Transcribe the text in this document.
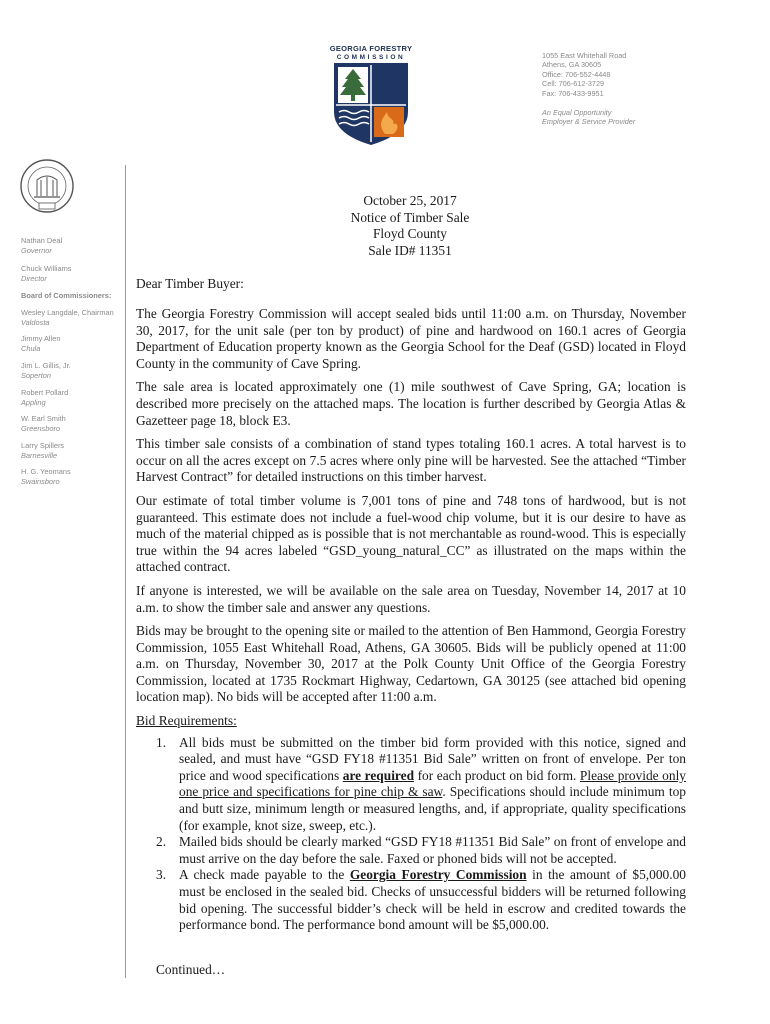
GEORGIA FORESTRY
COMMISSION	1055 East Whitehall Road
Athens, GA 30605
Office: 706-552-4448
Cell: 706-612-3729
Fax: 706-433-9951
An Equal Opportunity
Employer & Service Provider
Nathan Deal
Governor
Chuck Williams
Director
Board of Commissioners:
Wesley Langdale, Chairman
Valdosta
Jimmy Allen
Chula
Jim L. Gillis, Jr.
Soperton
Robert Pollard
Appling
W. Earl Smith
Greensboro
Larry Spillers
Barnesville
H. G. Yeomans
Swainsboro
October 25, 2017
Notice of Timber Sale
Floyd County
Sale ID# 11351
Dear Timber Buyer:

The Georgia Forestry Commission will accept sealed bids until 11:00 a.m. on Thursday, November 30, 2017, for the unit sale (per ton by product) of pine and hardwood on 160.1 acres of Georgia Department of Education property known as the Georgia School for the Deaf (GSD) located in Floyd County in the community of Cave Spring.

The sale area is located approximately one (1) mile southwest of Cave Spring, GA; location is described more precisely on the attached maps. The location is further described by Georgia Atlas & Gazetteer page 18, block E3.

This timber sale consists of a combination of stand types totaling 160.1 acres. A total harvest is to occur on all the acres except on 7.5 acres where only pine will be harvested. See the attached “Timber Harvest Contract” for detailed instructions on this timber harvest.

Our estimate of total timber volume is 7,001 tons of pine and 748 tons of hardwood, but is not guaranteed. This estimate does not include a fuel-wood chip volume, but it is our desire to have as much of the material chipped as is possible that is not merchantable as round-wood. This is especially true within the 94 acres labeled “GSD_young_natural_CC” as illustrated on the maps within the attached contract.

If anyone is interested, we will be available on the sale area on Tuesday, November 14, 2017 at 10 a.m. to show the timber sale and answer any questions.

Bids may be brought to the opening site or mailed to the attention of Ben Hammond, Georgia Forestry Commission, 1055 East Whitehall Road, Athens, GA 30605. Bids will be publicly opened at 11:00 a.m. on Thursday, November 30, 2017 at the Polk County Unit Office of the Georgia Forestry Commission, located at 1735 Rockmart Highway, Cedartown, GA 30125 (see attached bid opening location map). No bids will be accepted after 11:00 a.m.

Bid Requirements:
1. All bids must be submitted on the timber bid form provided with this notice, signed and sealed, and must have “GSD FY18 #11351 Bid Sale” written on front of envelope. Per ton price and wood specifications are required for each product on bid form. Please provide only one price and specifications for pine chip & saw. Specifications should include minimum top and butt size, minimum length or measured lengths, and, if appropriate, quality specifications (for example, knot size, sweep, etc.).
2. Mailed bids should be clearly marked “GSD FY18 #11351 Bid Sale” on front of envelope and must arrive on the day before the sale. Faxed or phoned bids will not be accepted.
3. A check made payable to the Georgia Forestry Commission in the amount of $5,000.00 must be enclosed in the sealed bid. Checks of unsuccessful bidders will be returned following bid opening. The successful bidder’s check will be held in escrow and credited towards the performance bond. The performance bond amount will be $5,000.00.
Continued…
